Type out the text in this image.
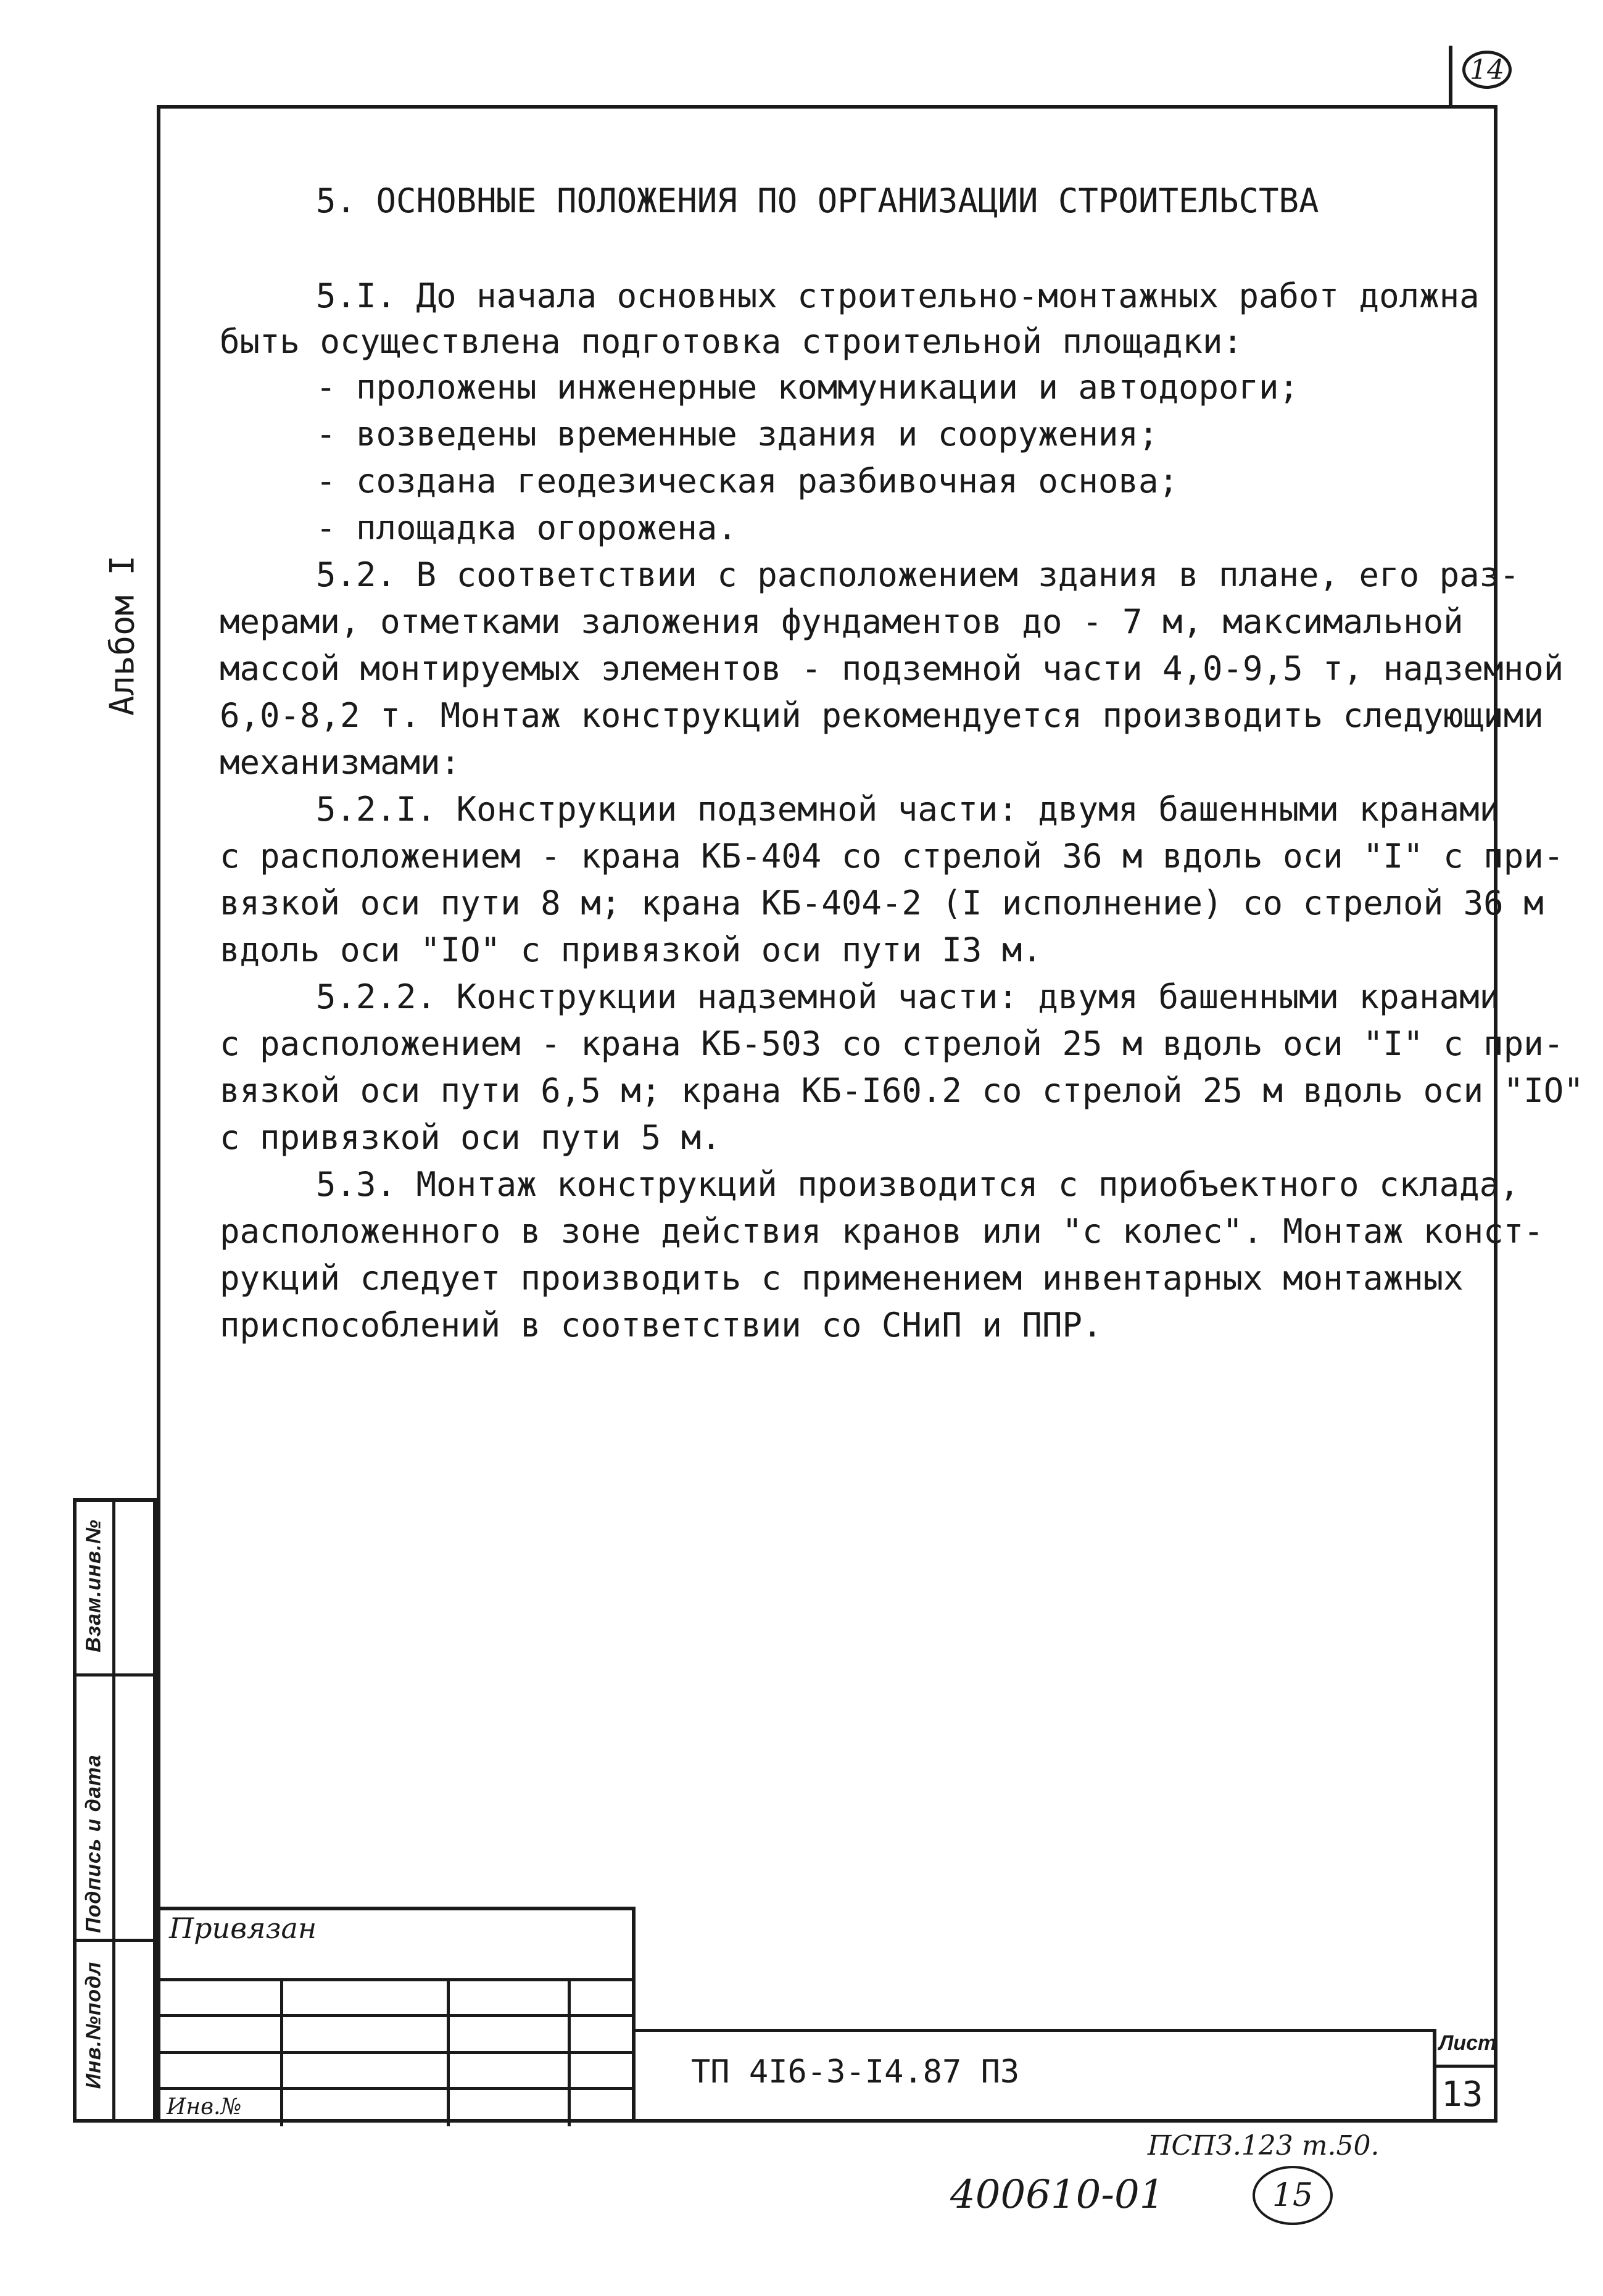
14
Альбом I
5. ОСНОВНЫЕ ПОЛОЖЕНИЯ ПО ОРГАНИЗАЦИИ СТРОИТЕЛЬСТВА
5.I. До начала основных строительно-монтажных работ должна
быть осуществлена подготовка строительной площадки:
- проложены инженерные коммуникации и автодороги;
- возведены временные здания и сооружения;
- создана геодезическая разбивочная основа;
- площадка огорожена.
5.2. В соответствии с расположением здания в плане, его раз-
мерами, отметками заложения фундаментов до - 7 м, максимальной
массой монтируемых элементов - подземной части 4,0-9,5 т, надземной
6,0-8,2 т. Монтаж конструкций рекомендуется производить следующими
механизмами:
5.2.I. Конструкции подземной части: двумя башенными кранами
с расположением - крана КБ-404 со стрелой 36 м вдоль оси "I" с при-
вязкой оси пути 8 м; крана КБ-404-2 (I исполнение) со стрелой 36 м
вдоль оси "IO" с привязкой оси пути I3 м.
5.2.2. Конструкции надземной части: двумя башенными кранами
с расположением - крана КБ-503 со стрелой 25 м вдоль оси "I" с при-
вязкой оси пути 6,5 м; крана КБ-I60.2 со стрелой 25 м вдоль оси "IO"
с привязкой оси пути 5 м.
5.3. Монтаж конструкций производится с приобъектного склада,
расположенного в зоне действия кранов или "с колес". Монтаж конст-
рукций следует производить с применением инвентарных монтажных
приспособлений в соответствии со СНиП и ППР.
Взам.инв.№
Подпись и дата
Инв.№подл
Привязан
Инв.№
ТП 4I6-3-I4.87 ПЗ
Лист
13
ПСПЗ.123 т.50.
400610-01	15
